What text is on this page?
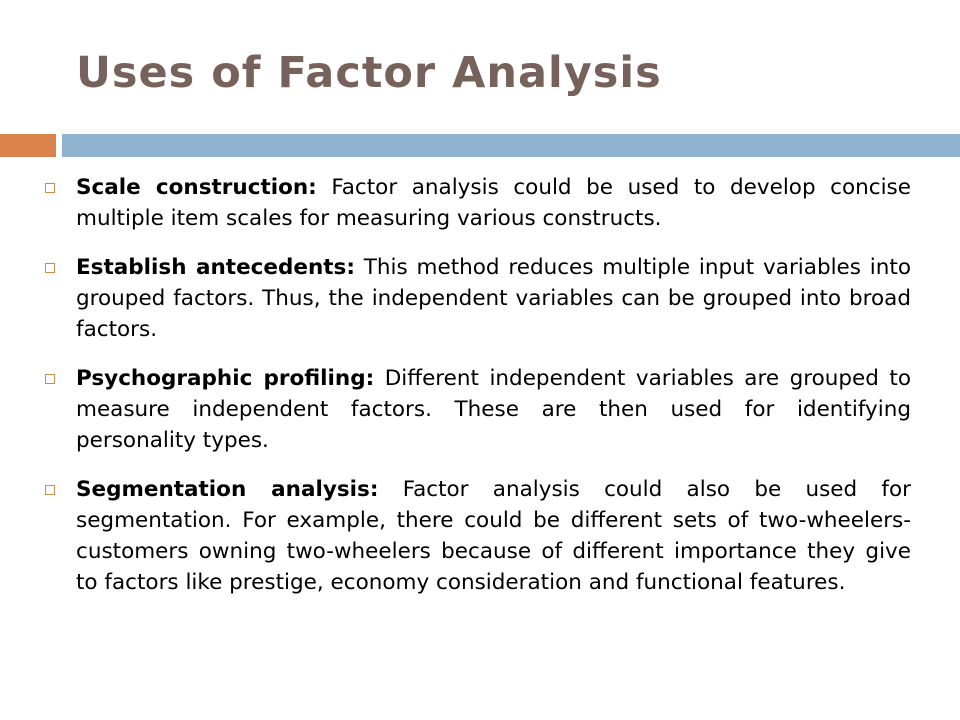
Uses of Factor Analysis
Scale construction: Factor analysis could be used to develop concise multiple item scales for measuring various constructs.
Establish antecedents: This method reduces multiple input variables into grouped factors. Thus, the independent variables can be grouped into broad factors.
Psychographic profiling: Different independent variables are grouped to measure independent factors. These are then used for identifying personality types.
Segmentation analysis: Factor analysis could also be used for segmentation. For example, there could be different sets of two-wheelers-customers owning two-wheelers because of different importance they give to factors like prestige, economy consideration and functional features.
